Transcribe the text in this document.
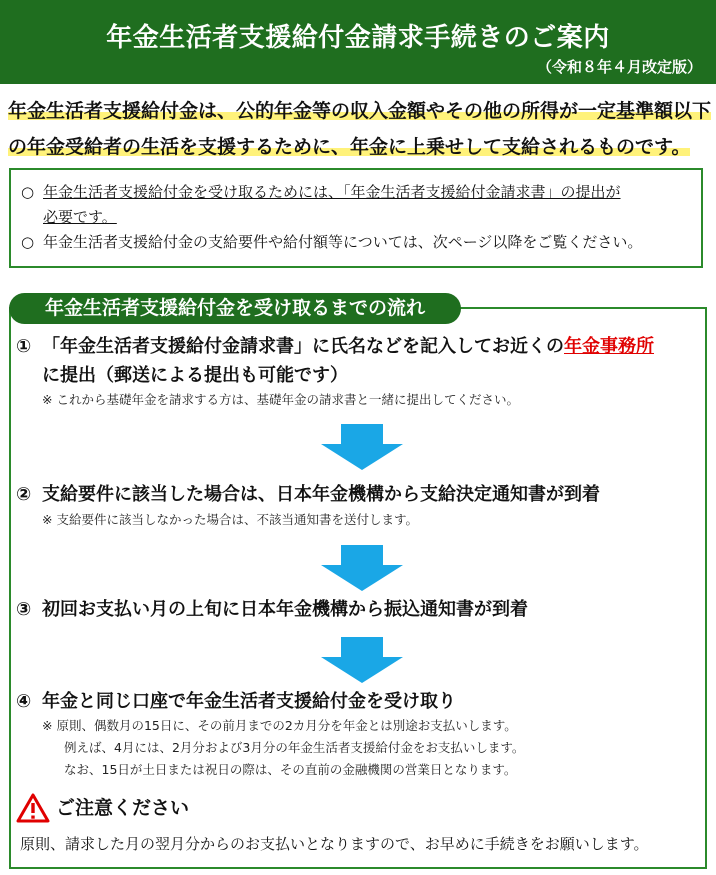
年金生活者支援給付金請求手続きのご案内
（令和８年４月改定版）
年金生活者支援給付金は、公的年金等の収入金額やその他の所得が一定基準額以下
の年金受給者の生活を支援するために、年金に上乗せして支給されるものです。
○ 年金生活者支援給付金を受け取るためには、「年金生活者支援給付金請求書」の提出が
必要です。
○ 年金生活者支援給付金の支給要件や給付額等については、次ページ以降をご覧ください。
年金生活者支援給付金を受け取るまでの流れ
① 「年金生活者支援給付金請求書」に氏名などを記入してお近くの年金事務所
に提出（郵送による提出も可能です）
※ これから基礎年金を請求する方は、基礎年金の請求書と一緒に提出してください。
② 支給要件に該当した場合は、日本年金機構から支給決定通知書が到着
※ 支給要件に該当しなかった場合は、不該当通知書を送付します。
③ 初回お支払い月の上旬に日本年金機構から振込通知書が到着
④ 年金と同じ口座で年金生活者支援給付金を受け取り
※ 原則、偶数月の15日に、その前月までの2カ月分を年金とは別途お支払いします。
例えば、4月には、2月分および3月分の年金生活者支援給付金をお支払いします。
なお、15日が土日または祝日の際は、その直前の金融機関の営業日となります。
ご注意ください
原則、請求した月の翌月分からのお支払いとなりますので、お早めに手続きをお願いします。
